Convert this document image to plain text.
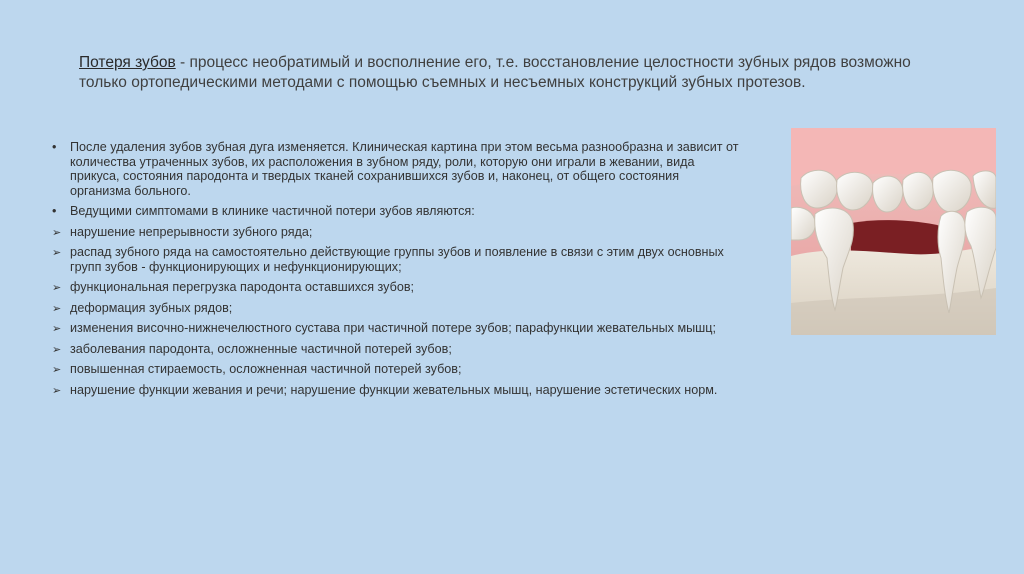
Потеря зубов - процесс необратимый и восполнение его, т.е. восстановление целостности зубных рядов возможно только ортопедическими методами с помощью съемных и несъемных конструкций зубных протезов.
•	После удаления зубов зубная дуга изменяется. Клиническая картина при этом весьма разнообразна и зависит от количества утраченных зубов, их расположения в зубном ряду, роли, которую они играли в жевании, вида прикуса, состояния пародонта и твердых тканей сохранившихся зубов и, наконец, от общего состояния организма больного.
•	Ведущими симптомами в клинике частичной потери зубов являются:
➢ нарушение непрерывности зубного ряда;
➢ распад зубного ряда на самостоятельно действующие группы зубов и появление в связи с этим двух основных групп зубов - функционирующих и нефункционирующих;
➢ функциональная перегрузка пародонта оставшихся зубов;
➢ деформация зубных рядов;
➢ изменения височно-нижнечелюстного сустава при частичной потере зубов; парафункции жевательных мышц;
➢ заболевания пародонта, осложненные частичной потерей зубов;
➢ повышенная стираемость, осложненная частичной потерей зубов;
➢ нарушение функции жевания и речи; нарушение функции жевательных мышц, нарушение эстетических норм.
